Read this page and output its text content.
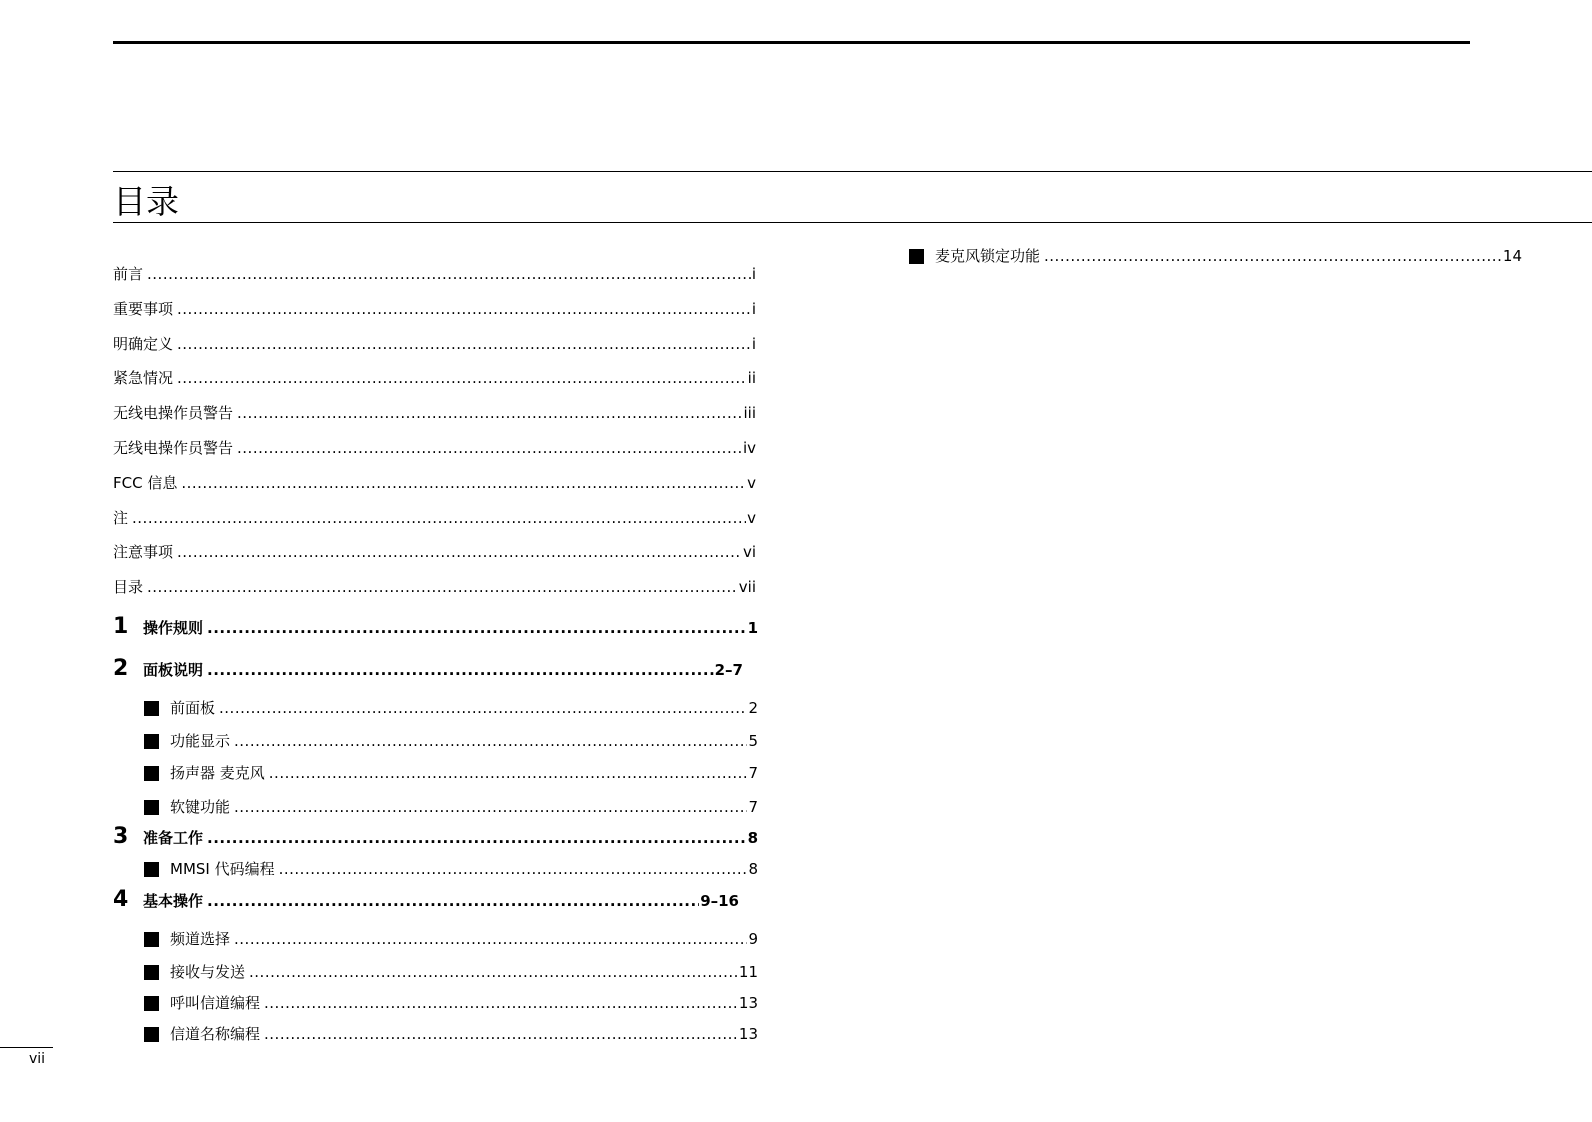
目录
前言 .....	i
重要事项 .....	i
明确定义 .....	i
紧急情况 .....	ii
无线电操作员警告 .....	iii
无线电操作员警告 .....	iv
FCC 信息 .....	v
注 .....	v
注意事项 .....	vi
目录 .....	vii
1 操作规则 .....	1
2 面板说明 .....	2–7
前面板 .....	2
功能显示 .....	5
扬声器 麦克风 .....	7
软键功能 .....	7
3 准备工作 .....	8
MMSI 代码编程 .....	8
4 基本操作 .....	9–16
频道选择 .....	9
接收与发送 .....	11
呼叫信道编程 .....	13
信道名称编程 .....	13
麦克风锁定功能 .....	14
vii
